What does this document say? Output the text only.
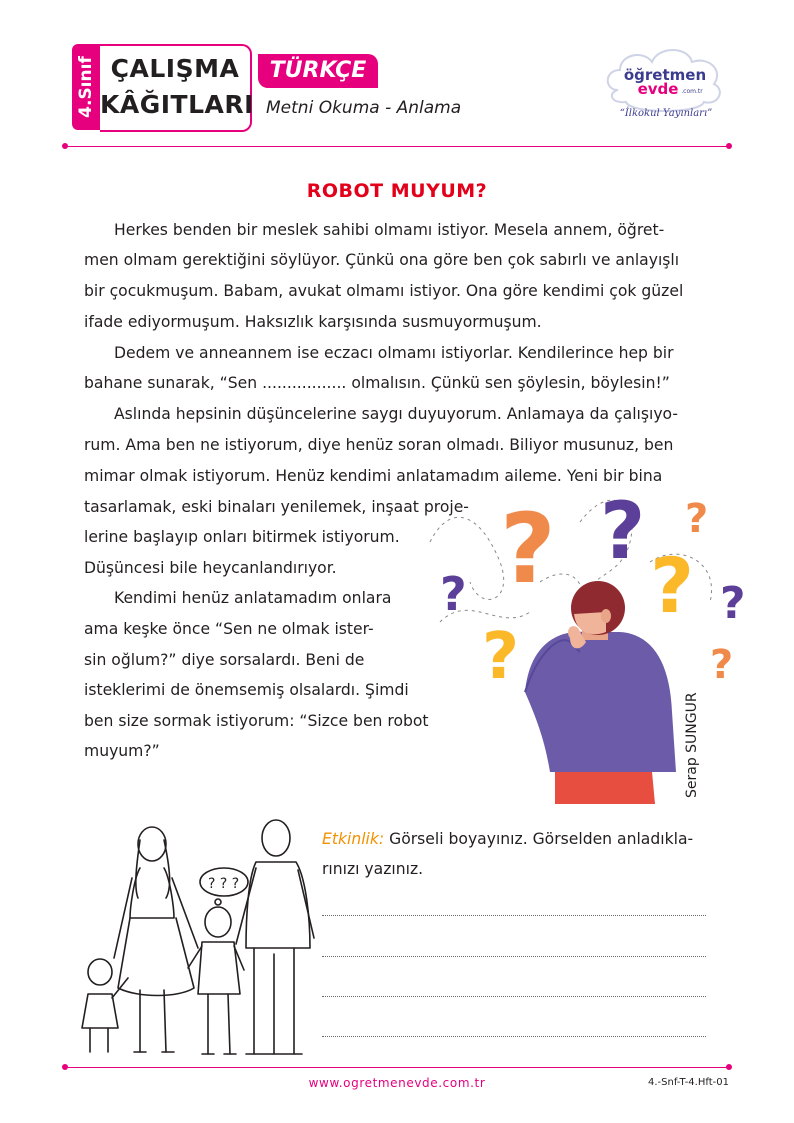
4.Sınıf ÇALIŞMA
KÂĞITLARI
TÜRKÇE
Metni Okuma - Anlama
öğretmen
evde .com.tr
“İlkokul Yayınları”
ROBOT MUYUM?
Herkes benden bir meslek sahibi olmamı istiyor. Mesela annem, öğret-
men olmam gerektiğini söylüyor. Çünkü ona göre ben çok sabırlı ve anlayışlı
bir çocukmuşum. Babam, avukat olmamı istiyor. Ona göre kendimi çok güzel
ifade ediyormuşum. Haksızlık karşısında susmuyormuşum.
Dedem ve anneannem ise eczacı olmamı istiyorlar. Kendilerince hep bir
bahane sunarak, “Sen ................. olmalısın. Çünkü sen şöylesin, böylesin!”
Aslında hepsinin düşüncelerine saygı duyuyorum. Anlamaya da çalışıyo-
rum. Ama ben ne istiyorum, diye henüz soran olmadı. Biliyor musunuz, ben
mimar olmak istiyorum. Henüz kendimi anlatamadım aileme. Yeni bir bina
tasarlamak, eski binaları yenilemek, inşaat proje-
lerine başlayıp onları bitirmek istiyorum.
Düşüncesi bile heycanlandırıyor.
Kendimi henüz anlatamadım onlara
ama keşke önce “Sen ne olmak ister-
sin oğlum?” diye sorsalardı. Beni de
isteklerimi de önemsemiş olsalardı. Şimdi
ben size sormak istiyorum: “Sizce ben robot
muyum?”
? ? ?
?
?	?
?	?
Serap SUNGUR
? ? ?
Etkinlik: Görseli boyayınız. Görselden anladıkla-
rınızı yazınız.
www.ogretmenevde.com.tr	4.-Snf-T-4.Hft-01
